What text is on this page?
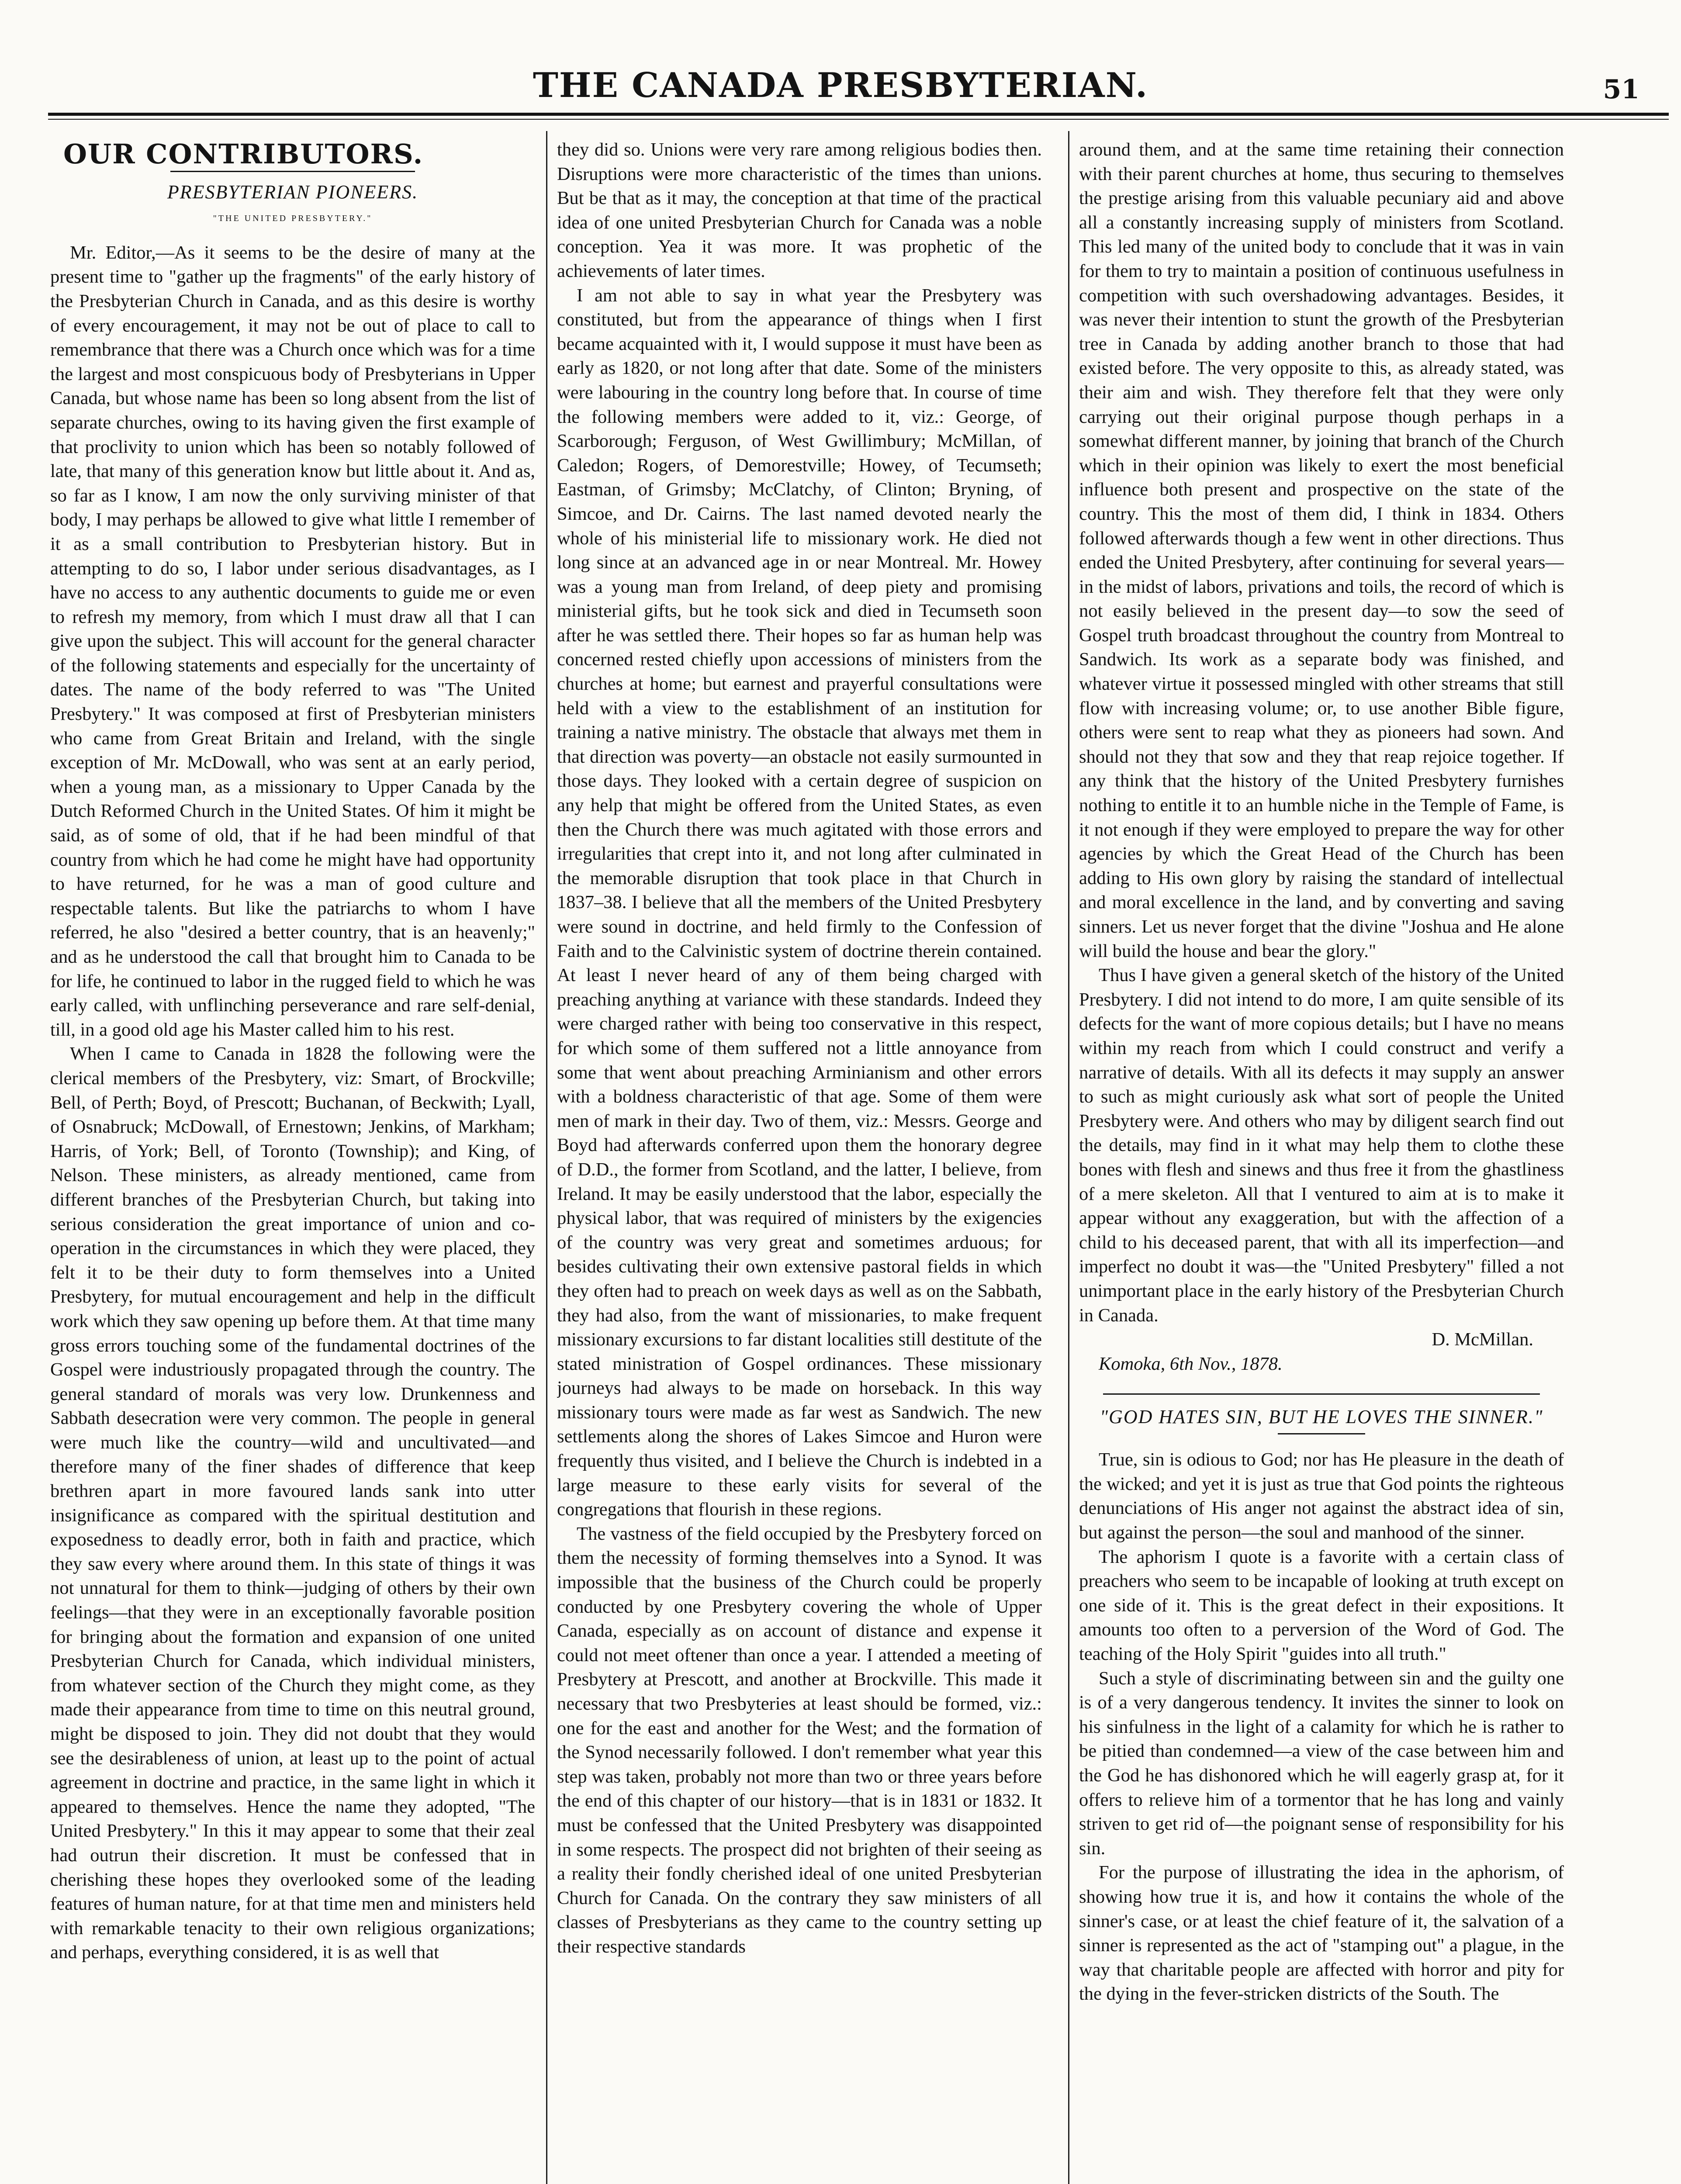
THE CANADA PRESBYTERIAN.	51
OUR CONTRIBUTORS.
PRESBYTERIAN PIONEERS.
"THE UNITED PRESBYTERY."

Mr. Editor,—As it seems to be the desire of many at the present time to "gather up the fragments" of the early history of the Presbyterian Church in Canada, and as this desire is worthy of every encouragement, it may not be out of place to call to remembrance that there was a Church once which was for a time the largest and most conspicuous body of Presbyterians in Upper Canada, but whose name has been so long absent from the list of separate churches, owing to its having given the first example of that proclivity to union which has been so notably followed of late, that many of this generation know but little about it. And as, so far as I know, I am now the only surviving minister of that body, I may perhaps be allowed to give what little I remember of it as a small contribution to Presbyterian history. But in attempting to do so, I labor under serious disadvantages, as I have no access to any authentic documents to guide me or even to refresh my memory, from which I must draw all that I can give upon the subject. This will account for the general character of the following statements and especially for the uncertainty of dates. The name of the body referred to was "The United Presbytery." It was composed at first of Presbyterian ministers who came from Great Britain and Ireland, with the single exception of Mr. McDowall, who was sent at an early period, when a young man, as a missionary to Upper Canada by the Dutch Reformed Church in the United States. Of him it might be said, as of some of old, that if he had been mindful of that country from which he had come he might have had opportunity to have returned, for he was a man of good culture and respectable talents. But like the patriarchs to whom I have referred, he also "desired a better country, that is an heavenly;" and as he understood the call that brought him to Canada to be for life, he continued to labor in the rugged field to which he was early called, with unflinching perseverance and rare self-denial, till, in a good old age his Master called him to his rest.

When I came to Canada in 1828 the following were the clerical members of the Presbytery, viz: Smart, of Brockville; Bell, of Perth; Boyd, of Prescott; Buchanan, of Beckwith; Lyall, of Osnabruck; McDowall, of Ernestown; Jenkins, of Markham; Harris, of York; Bell, of Toronto (Township); and King, of Nelson. These ministers, as already mentioned, came from different branches of the Presbyterian Church, but taking into serious consideration the great importance of union and co-operation in the circumstances in which they were placed, they felt it to be their duty to form themselves into a United Presbytery, for mutual encouragement and help in the difficult work which they saw opening up before them. At that time many gross errors touching some of the fundamental doctrines of the Gospel were industriously propagated through the country. The general standard of morals was very low. Drunkenness and Sabbath desecration were very common. The people in general were much like the country—wild and uncultivated—and therefore many of the finer shades of difference that keep brethren apart in more favoured lands sank into utter insignificance as compared with the spiritual destitution and exposedness to deadly error, both in faith and practice, which they saw every where around them. In this state of things it was not unnatural for them to think—judging of others by their own feelings—that they were in an exceptionally favorable position for bringing about the formation and expansion of one united Presbyterian Church for Canada, which individual ministers, from whatever section of the Church they might come, as they made their appearance from time to time on this neutral ground, might be disposed to join. They did not doubt that they would see the desirableness of union, at least up to the point of actual agreement in doctrine and practice, in the same light in which it appeared to themselves. Hence the name they adopted, "The United Presbytery." In this it may appear to some that their zeal had outrun their discretion. It must be confessed that in cherishing these hopes they overlooked some of the leading features of human nature, for at that time men and ministers held with remarkable tenacity to their own religious organizations; and perhaps, everything considered, it is as well that

they did so. Unions were very rare among religious bodies then. Disruptions were more characteristic of the times than unions. But be that as it may, the conception at that time of the practical idea of one united Presbyterian Church for Canada was a noble conception. Yea it was more. It was prophetic of the achievements of later times.

I am not able to say in what year the Presbytery was constituted, but from the appearance of things when I first became acquainted with it, I would suppose it must have been as early as 1820, or not long after that date. Some of the ministers were labouring in the country long before that. In course of time the following members were added to it, viz.: George, of Scarborough; Ferguson, of West Gwillimbury; McMillan, of Caledon; Rogers, of Demorestville; Howey, of Tecumseth; Eastman, of Grimsby; McClatchy, of Clinton; Bryning, of Simcoe, and Dr. Cairns. The last named devoted nearly the whole of his ministerial life to missionary work. He died not long since at an advanced age in or near Montreal. Mr. Howey was a young man from Ireland, of deep piety and promising ministerial gifts, but he took sick and died in Tecumseth soon after he was settled there. Their hopes so far as human help was concerned rested chiefly upon accessions of ministers from the churches at home; but earnest and prayerful consultations were held with a view to the establishment of an institution for training a native ministry. The obstacle that always met them in that direction was poverty—an obstacle not easily surmounted in those days. They looked with a certain degree of suspicion on any help that might be offered from the United States, as even then the Church there was much agitated with those errors and irregularities that crept into it, and not long after culminated in the memorable disruption that took place in that Church in 1837–38. I believe that all the members of the United Presbytery were sound in doctrine, and held firmly to the Confession of Faith and to the Calvinistic system of doctrine therein contained. At least I never heard of any of them being charged with preaching anything at variance with these standards. Indeed they were charged rather with being too conservative in this respect, for which some of them suffered not a little annoyance from some that went about preaching Arminianism and other errors with a boldness characteristic of that age. Some of them were men of mark in their day. Two of them, viz.: Messrs. George and Boyd had afterwards conferred upon them the honorary degree of D.D., the former from Scotland, and the latter, I believe, from Ireland. It may be easily understood that the labor, especially the physical labor, that was required of ministers by the exigencies of the country was very great and sometimes arduous; for besides cultivating their own extensive pastoral fields in which they often had to preach on week days as well as on the Sabbath, they had also, from the want of missionaries, to make frequent missionary excursions to far distant localities still destitute of the stated ministration of Gospel ordinances. These missionary journeys had always to be made on horseback. In this way missionary tours were made as far west as Sandwich. The new settlements along the shores of Lakes Simcoe and Huron were frequently thus visited, and I believe the Church is indebted in a large measure to these early visits for several of the congregations that flourish in these regions.

The vastness of the field occupied by the Presbytery forced on them the necessity of forming themselves into a Synod. It was impossible that the business of the Church could be properly conducted by one Presbytery covering the whole of Upper Canada, especially as on account of distance and expense it could not meet oftener than once a year. I attended a meeting of Presbytery at Prescott, and another at Brockville. This made it necessary that two Presbyteries at least should be formed, viz.: one for the east and another for the West; and the formation of the Synod necessarily followed. I don't remember what year this step was taken, probably not more than two or three years before the end of this chapter of our history—that is in 1831 or 1832. It must be confessed that the United Presbytery was disappointed in some respects. The prospect did not brighten of their seeing as a reality their fondly cherished ideal of one united Presbyterian Church for Canada. On the contrary they saw ministers of all classes of Presbyterians as they came to the country setting up their respective standards

around them, and at the same time retaining their connection with their parent churches at home, thus securing to themselves the prestige arising from this valuable pecuniary aid and above all a constantly increasing supply of ministers from Scotland. This led many of the united body to conclude that it was in vain for them to try to maintain a position of continuous usefulness in competition with such overshadowing advantages. Besides, it was never their intention to stunt the growth of the Presbyterian tree in Canada by adding another branch to those that had existed before. The very opposite to this, as already stated, was their aim and wish. They therefore felt that they were only carrying out their original purpose though perhaps in a somewhat different manner, by joining that branch of the Church which in their opinion was likely to exert the most beneficial influence both present and prospective on the state of the country. This the most of them did, I think in 1834. Others followed afterwards though a few went in other directions. Thus ended the United Presbytery, after continuing for several years—in the midst of labors, privations and toils, the record of which is not easily believed in the present day—to sow the seed of Gospel truth broadcast throughout the country from Montreal to Sandwich. Its work as a separate body was finished, and whatever virtue it possessed mingled with other streams that still flow with increasing volume; or, to use another Bible figure, others were sent to reap what they as pioneers had sown. And should not they that sow and they that reap rejoice together. If any think that the history of the United Presbytery furnishes nothing to entitle it to an humble niche in the Temple of Fame, is it not enough if they were employed to prepare the way for other agencies by which the Great Head of the Church has been adding to His own glory by raising the standard of intellectual and moral excellence in the land, and by converting and saving sinners. Let us never forget that the divine "Joshua and He alone will build the house and bear the glory."

Thus I have given a general sketch of the history of the United Presbytery. I did not intend to do more, I am quite sensible of its defects for the want of more copious details; but I have no means within my reach from which I could construct and verify a narrative of details. With all its defects it may supply an answer to such as might curiously ask what sort of people the United Presbytery were. And others who may by diligent search find out the details, may find in it what may help them to clothe these bones with flesh and sinews and thus free it from the ghastliness of a mere skeleton. All that I ventured to aim at is to make it appear without any exaggeration, but with the affection of a child to his deceased parent, that with all its imperfection—and imperfect no doubt it was—the "United Presbytery" filled a not unimportant place in the early history of the Presbyterian Church in Canada.

D. McMillan.

Komoka, 6th Nov., 1878.

"GOD HATES SIN, BUT HE LOVES THE SINNER."

True, sin is odious to God; nor has He pleasure in the death of the wicked; and yet it is just as true that God points the righteous denunciations of His anger not against the abstract idea of sin, but against the person—the soul and manhood of the sinner.

The aphorism I quote is a favorite with a certain class of preachers who seem to be incapable of looking at truth except on one side of it. This is the great defect in their expositions. It amounts too often to a perversion of the Word of God. The teaching of the Holy Spirit "guides into all truth."

Such a style of discriminating between sin and the guilty one is of a very dangerous tendency. It invites the sinner to look on his sinfulness in the light of a calamity for which he is rather to be pitied than condemned—a view of the case between him and the God he has dishonored which he will eagerly grasp at, for it offers to relieve him of a tormentor that he has long and vainly striven to get rid of—the poignant sense of responsibility for his sin.

For the purpose of illustrating the idea in the aphorism, of showing how true it is, and how it contains the whole of the sinner's case, or at least the chief feature of it, the salvation of a sinner is represented as the act of "stamping out" a plague, in the way that charitable people are affected with horror and pity for the dying in the fever-stricken districts of the South. The
